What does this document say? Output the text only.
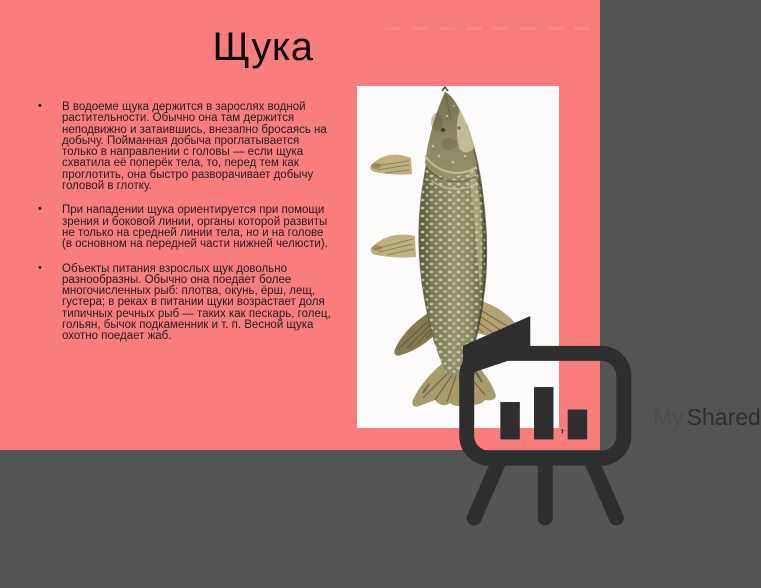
Щука
• В водоеме щука держится в зарослях водной растительности. Обычно она там держится неподвижно и затаившись, внезапно бросаясь на добычу. Пойманная добыча проглатывается только в направлении с головы — если щука схватила её поперёк тела, то, перед тем как проглотить, она быстро разворачивает добычу головой в глотку.
• При нападении щука ориентируется при помощи зрения и боковой линии, органы которой развиты не только на средней линии тела, но и на голове (в основном на передней части нижней челюсти).
• Объекты питания взрослых щук довольно разнообразны. Обычно она поедает более многочисленных рыб: плотва, окунь, ёрш, лещ, густера; в реках в питании щуки возрастает доля типичных речных рыб — таких как пескарь, голец, гольян, бычок подкаменник и т. п. Весной щука охотно поедает жаб.
My Shared
,
